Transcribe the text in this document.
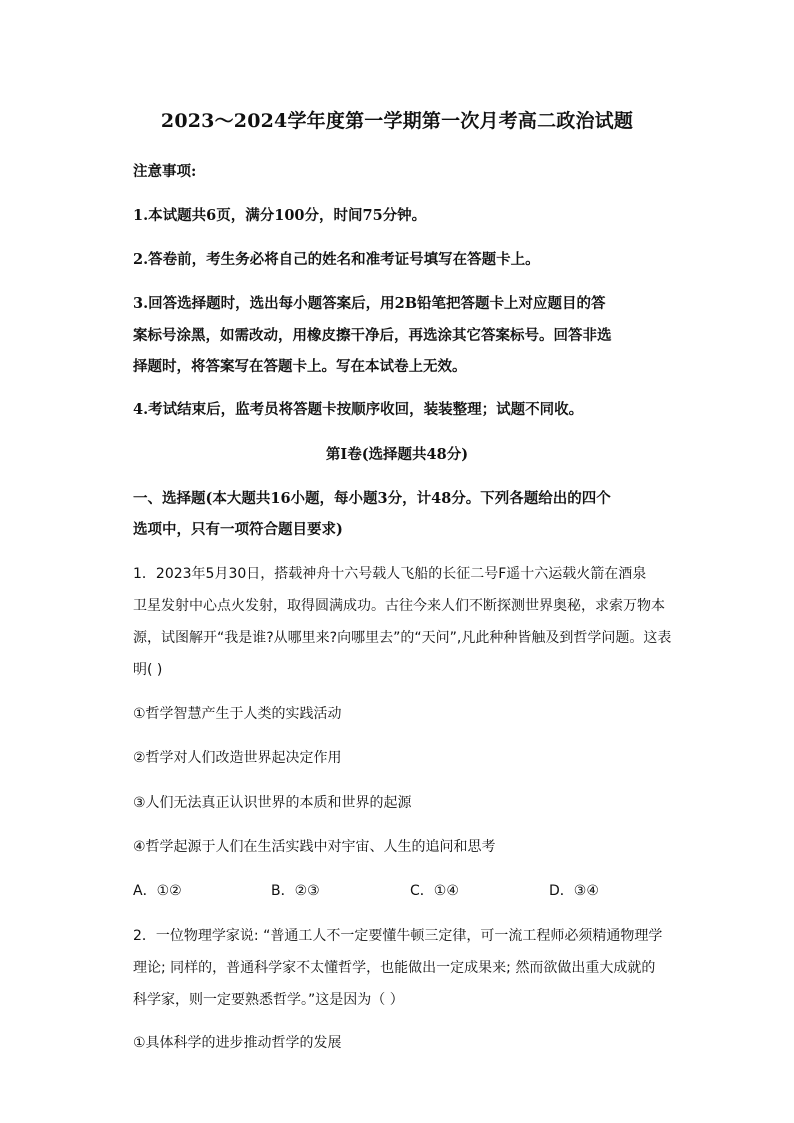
2023～2024学年度第一学期第一次月考高二政治试题
注意事项:
1.本试题共6页，满分100分，时间75分钟。
2.答卷前，考生务必将自己的姓名和准考证号填写在答题卡上。
3.回答选择题时，选出每小题答案后，用2B铅笔把答题卡上对应题目的答
案标号涂黑，如需改动，用橡皮擦干净后，再选涂其它答案标号。回答非选
择题时，将答案写在答题卡上。写在本试卷上无效。
4.考试结束后，监考员将答题卡按顺序收回，装装整理；试题不同收。
第I卷(选择题共48分)
一、选择题(本大题共16小题，每小题3分，计48分。下列各题给出的四个
选项中，只有一项符合题目要求)
1．2023年5月30日，搭载神舟十六号载人飞船的长征二号F遥十六运载火箭在酒泉
卫星发射中心点火发射，取得圆满成功。古往今来人们不断探测世界奥秘，求索万物本
源，试图解开“我是谁?从哪里来?向哪里去”的“天问”,凡此种种皆触及到哲学问题。这表
明( )
①哲学智慧产生于人类的实践活动
②哲学对人们改造世界起决定作用
③人们无法真正认识世界的本质和世界的起源
④哲学起源于人们在生活实践中对宇宙、人生的追问和思考
A．①②	B．②③	C．①④	D．③④
2．一位物理学家说: “普通工人不一定要懂牛顿三定律，可一流工程师必须精通物理学
理论; 同样的，普通科学家不太懂哲学，也能做出一定成果来; 然而欲做出重大成就的
科学家，则一定要熟悉哲学。”这是因为（ ）
①具体科学的进步推动哲学的发展
